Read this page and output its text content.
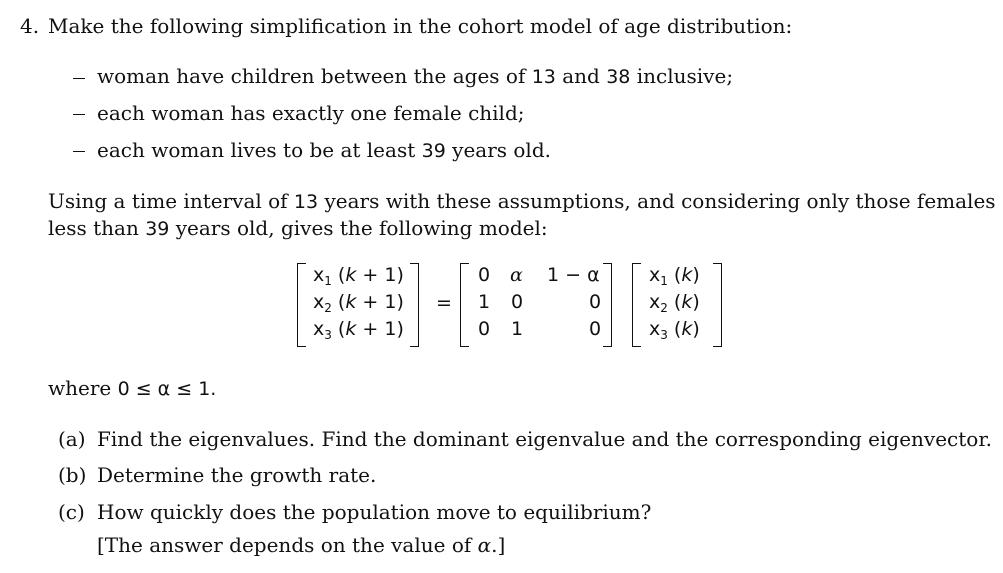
4. Make the following simplification in the cohort model of age distribution:
woman have children between the ages of 13 and 38 inclusive;
each woman has exactly one female child;
each woman lives to be at least 39 years old.
Using a time interval of 13 years with these assumptions, and considering only those females
less than 39 years old, gives the following model:
$x_1$ (k + 1)
$x_2$ (k + 1)
$x_3$ (k + 1)
=
0 α 1 − α
1 0	0
0 1	0
$x_1$ (k)
$x_2$ (k)
$x_3$ (k)
where 0 ≤ α ≤ 1.
(a) Find the eigenvalues. Find the dominant eigenvalue and the corresponding eigenvector.
(b) Determine the growth rate.
(c) How quickly does the population move to equilibrium?
[The answer depends on the value of α.]
